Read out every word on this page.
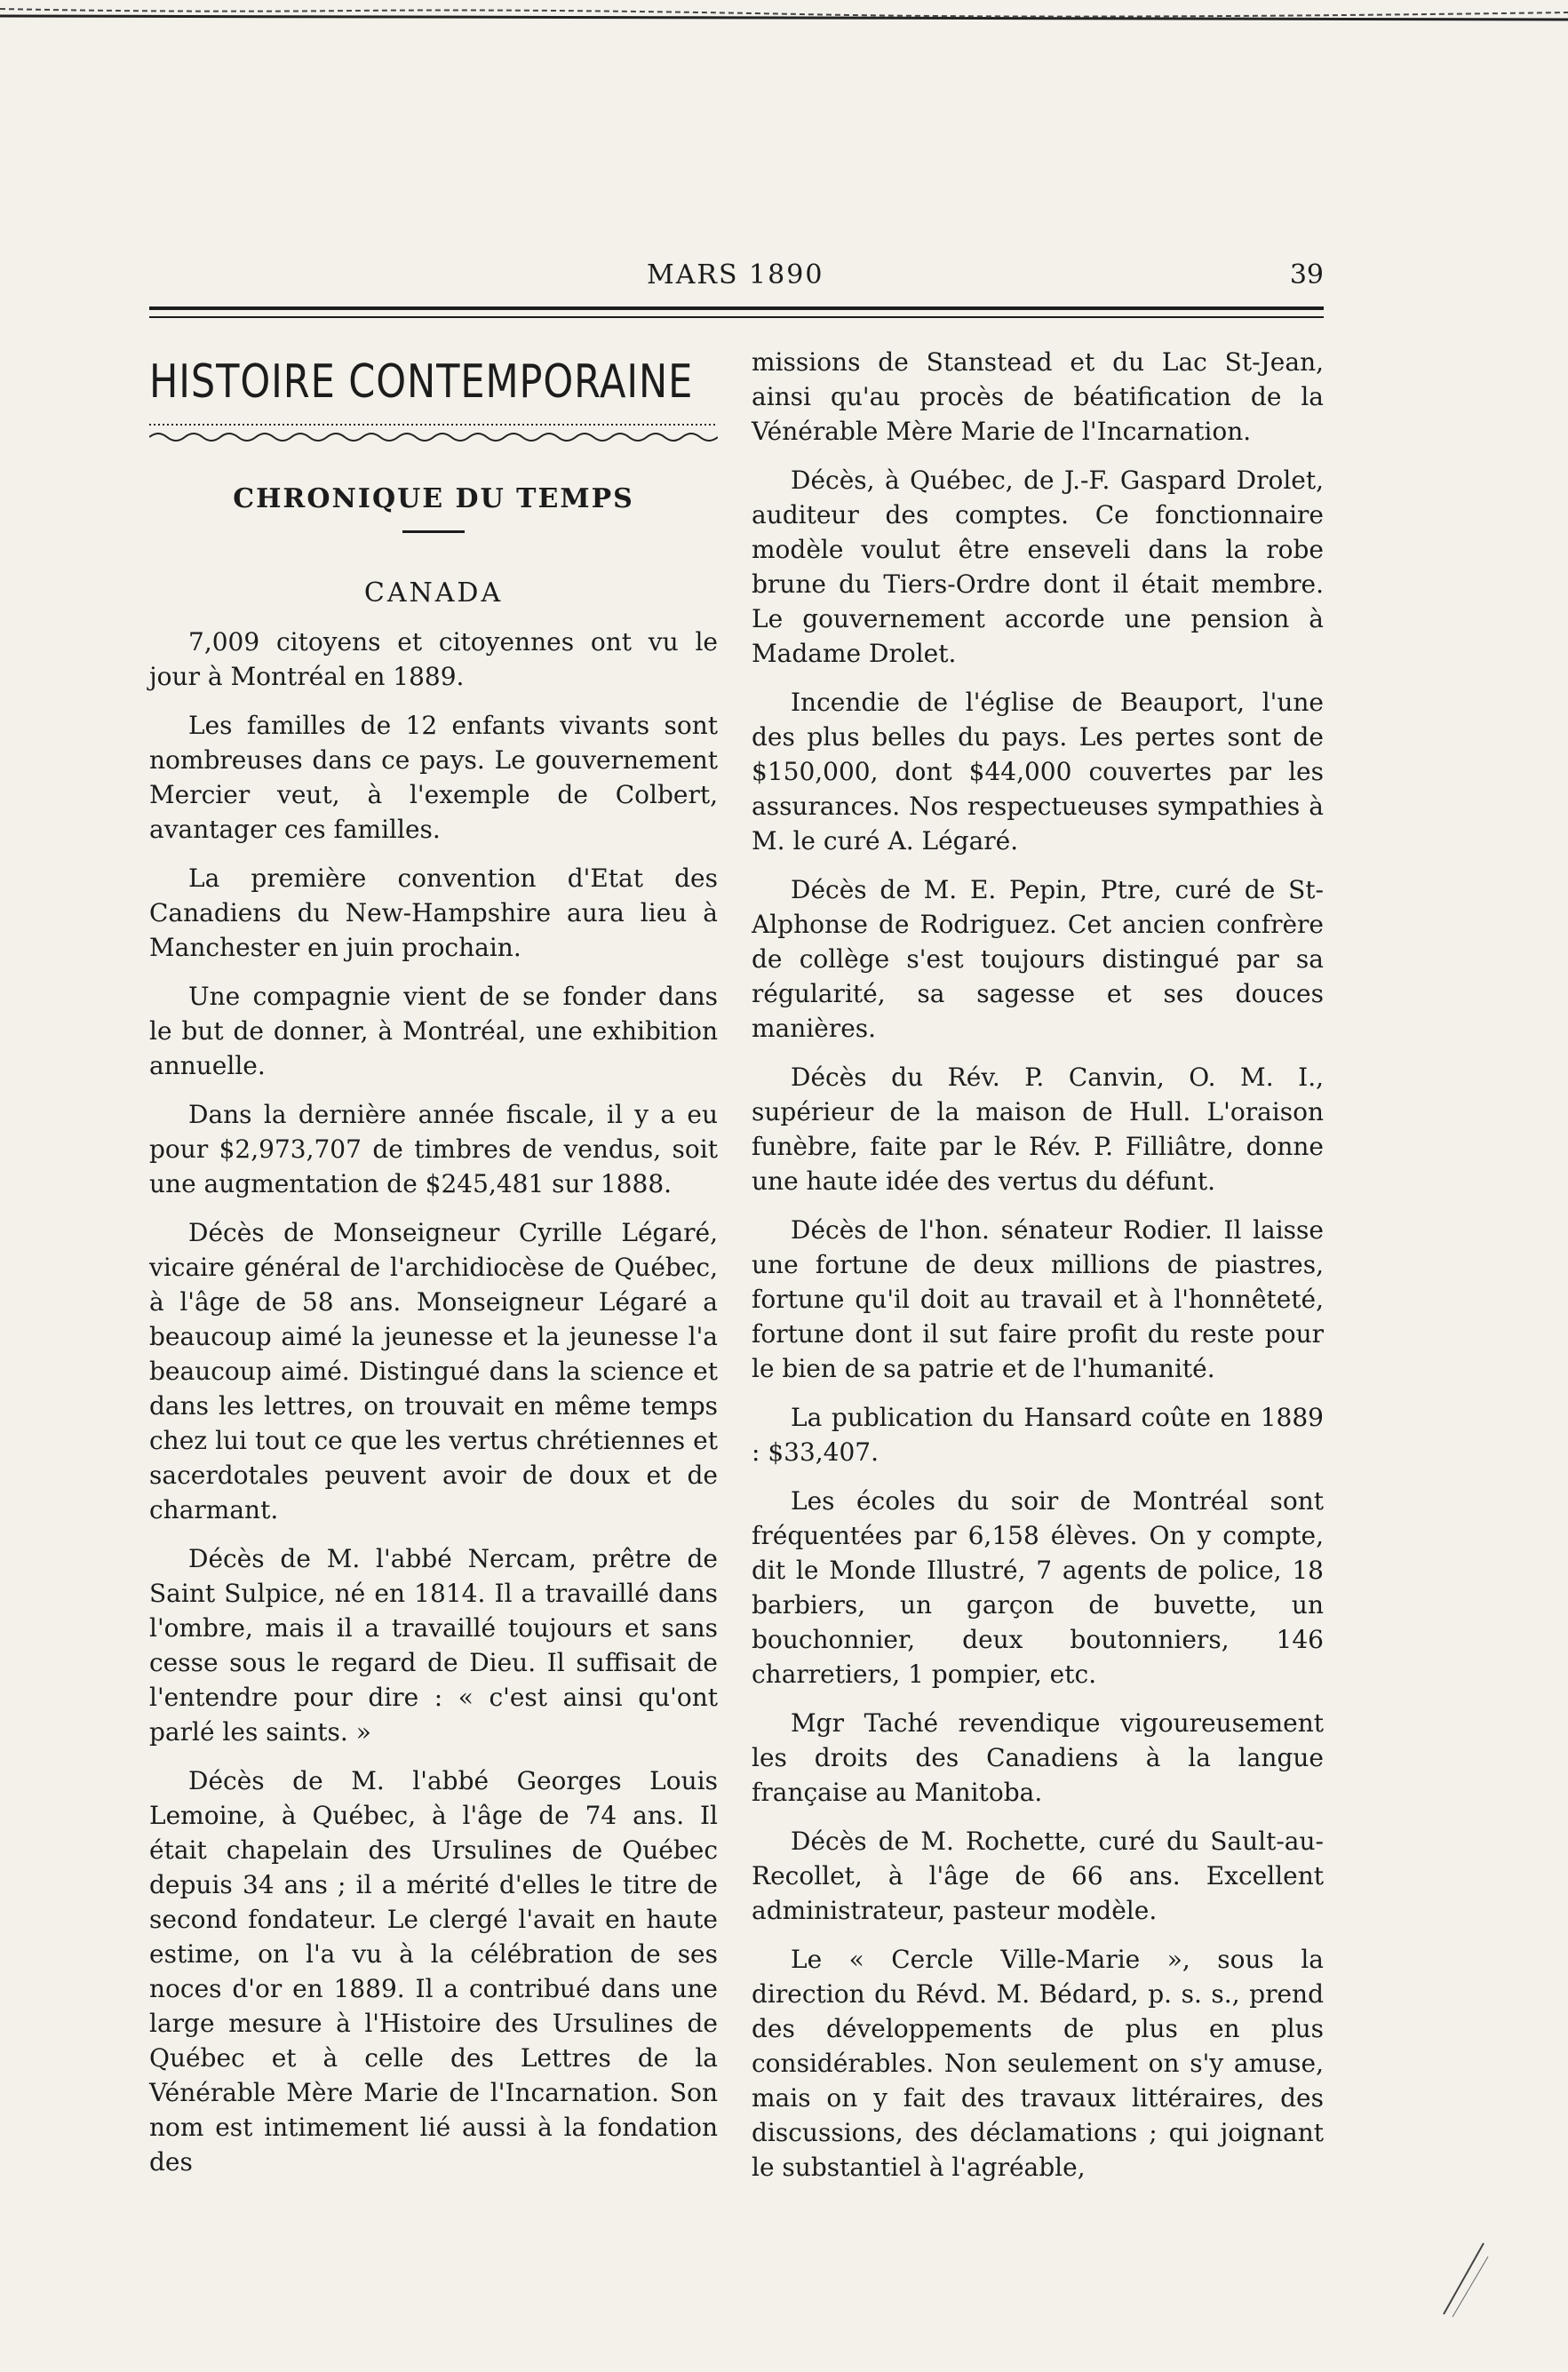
MARS 1890	39
HISTOIRE CONTEMPORAINE

CHRONIQUE DU TEMPS

CANADA

7,009 citoyens et citoyennes ont vu le jour à Montréal en 1889.

Les familles de 12 enfants vivants sont nombreuses dans ce pays. Le gouvernement Mercier veut, à l'exemple de Colbert, avantager ces familles.

La première convention d'Etat des Canadiens du New-Hampshire aura lieu à Manchester en juin prochain.

Une compagnie vient de se fonder dans le but de donner, à Montréal, une exhibition annuelle.

Dans la dernière année fiscale, il y a eu pour $2,973,707 de timbres de vendus, soit une augmentation de $245,481 sur 1888.

Décès de Monseigneur Cyrille Légaré, vicaire général de l'archidiocèse de Québec, à l'âge de 58 ans. Monseigneur Légaré a beaucoup aimé la jeunesse et la jeunesse l'a beaucoup aimé. Distingué dans la science et dans les lettres, on trouvait en même temps chez lui tout ce que les vertus chrétiennes et sacerdotales peuvent avoir de doux et de charmant.

Décès de M. l'abbé Nercam, prêtre de Saint Sulpice, né en 1814. Il a travaillé dans l'ombre, mais il a travaillé toujours et sans cesse sous le regard de Dieu. Il suffisait de l'entendre pour dire : « c'est ainsi qu'ont parlé les saints. »

Décès de M. l'abbé Georges Louis Lemoine, à Québec, à l'âge de 74 ans. Il était chapelain des Ursulines de Québec depuis 34 ans ; il a mérité d'elles le titre de second fondateur. Le clergé l'avait en haute estime, on l'a vu à la célébration de ses noces d'or en 1889. Il a contribué dans une large mesure à l'Histoire des Ursulines de Québec et à celle des Lettres de la Vénérable Mère Marie de l'Incarnation. Son nom est intimement lié aussi à la fondation des

missions de Stanstead et du Lac St-Jean, ainsi qu'au procès de béatification de la Vénérable Mère Marie de l'Incarnation.

Décès, à Québec, de J.-F. Gaspard Drolet, auditeur des comptes. Ce fonctionnaire modèle voulut être enseveli dans la robe brune du Tiers-Ordre dont il était membre. Le gouvernement accorde une pension à Madame Drolet.

Incendie de l'église de Beauport, l'une des plus belles du pays. Les pertes sont de $150,000, dont $44,000 couvertes par les assurances. Nos respectueuses sympathies à M. le curé A. Légaré.

Décès de M. E. Pepin, Ptre, curé de St-Alphonse de Rodriguez. Cet ancien confrère de collège s'est toujours distingué par sa régularité, sa sagesse et ses douces manières.

Décès du Rév. P. Canvin, O. M. I., supérieur de la maison de Hull. L'oraison funèbre, faite par le Rév. P. Filliâtre, donne une haute idée des vertus du défunt.

Décès de l'hon. sénateur Rodier. Il laisse une fortune de deux millions de piastres, fortune qu'il doit au travail et à l'honnêteté, fortune dont il sut faire profit du reste pour le bien de sa patrie et de l'humanité.

La publication du Hansard coûte en 1889 : $33,407.

Les écoles du soir de Montréal sont fréquentées par 6,158 élèves. On y compte, dit le Monde Illustré, 7 agents de police, 18 barbiers, un garçon de buvette, un bouchonnier, deux boutonniers, 146 charretiers, 1 pompier, etc.

Mgr Taché revendique vigoureusement les droits des Canadiens à la langue française au Manitoba.

Décès de M. Rochette, curé du Sault-au-Recollet, à l'âge de 66 ans. Excellent administrateur, pasteur modèle.

Le « Cercle Ville-Marie », sous la direction du Révd. M. Bédard, p. s. s., prend des développements de plus en plus considérables. Non seulement on s'y amuse, mais on y fait des travaux littéraires, des discussions, des déclamations ; qui joignant le substantiel à l'agréable,
